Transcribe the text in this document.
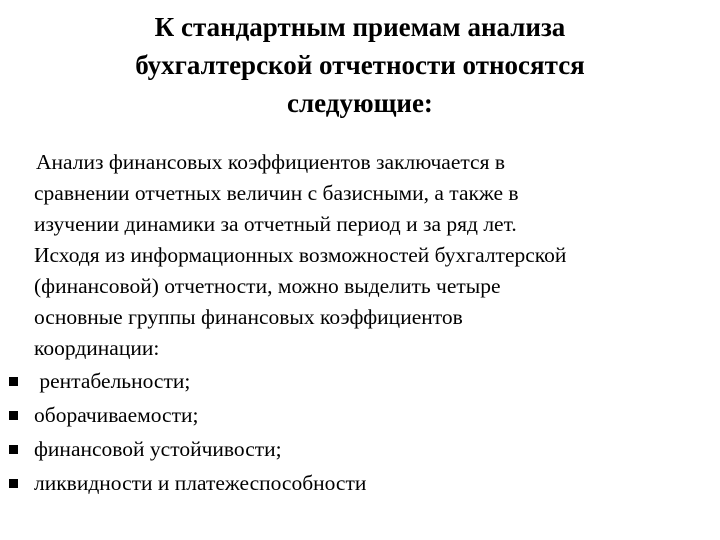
К стандартным приемам анализа
бухгалтерской отчетности относятся
следующие:
Анализ финансовых коэффициентов заключается в
сравнении отчетных величин с базисными, а также в
изучении динамики за отчетный период и за ряд лет.
Исходя из информационных возможностей бухгалтерской
(финансовой) отчетности, можно выделить четыре
основные группы финансовых коэффициентов
координации:
рентабельности;
оборачиваемости;
финансовой устойчивости;
ликвидности и платежеспособности
